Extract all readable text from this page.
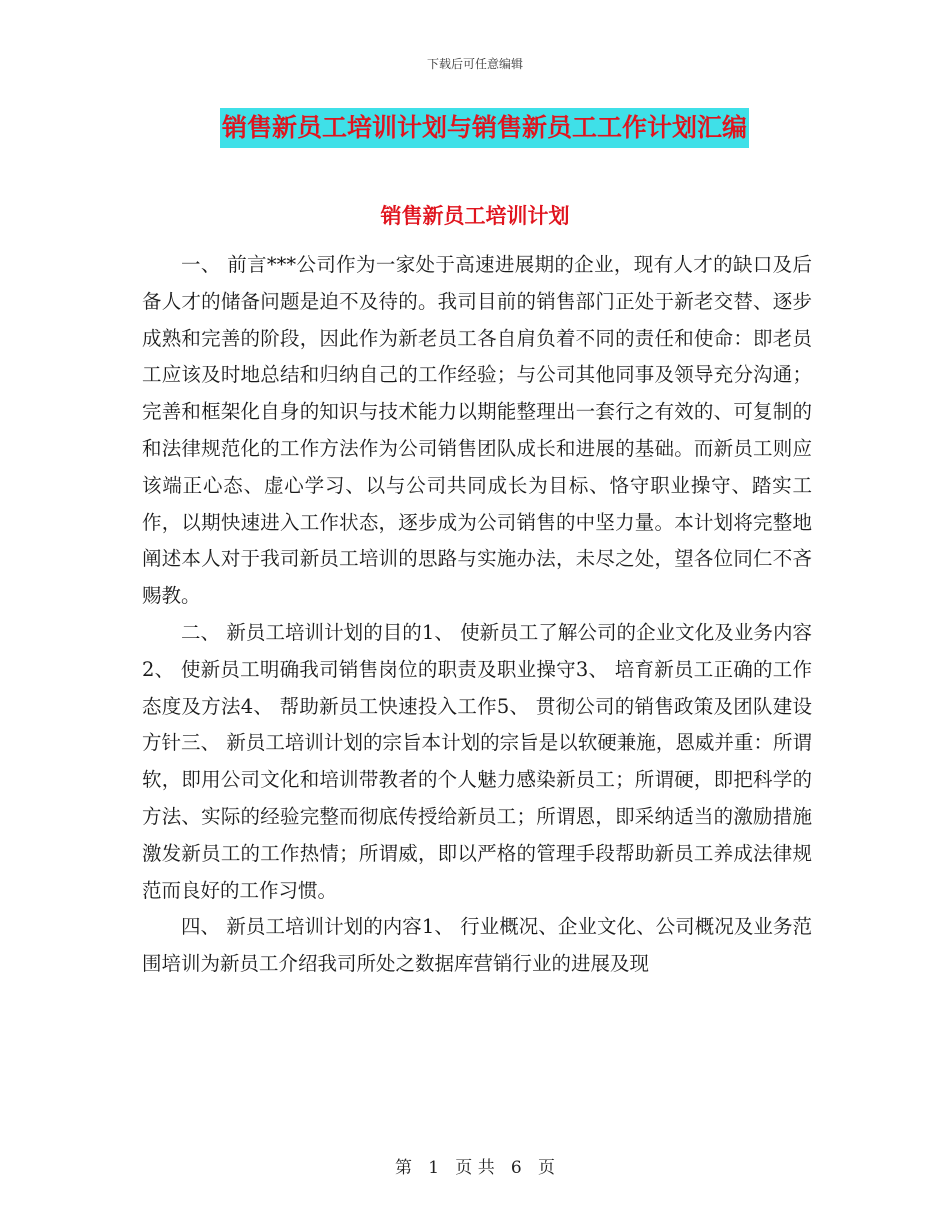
下载后可任意编辑
销售新员工培训计划与销售新员工工作计划汇编
销售新员工培训计划

一、 前言***公司作为一家处于高速进展期的企业，现有人才的缺口及后备人才的储备问题是迫不及待的。我司目前的销售部门正处于新老交替、逐步成熟和完善的阶段，因此作为新老员工各自肩负着不同的责任和使命：即老员工应该及时地总结和归纳自己的工作经验；与公司其他同事及领导充分沟通；完善和框架化自身的知识与技术能力以期能整理出一套行之有效的、可复制的和法律规范化的工作方法作为公司销售团队成长和进展的基础。而新员工则应该端正心态、虚心学习、以与公司共同成长为目标、恪守职业操守、踏实工作，以期快速进入工作状态，逐步成为公司销售的中坚力量。本计划将完整地阐述本人对于我司新员工培训的思路与实施办法，未尽之处，望各位同仁不吝赐教。

二、 新员工培训计划的目的1、 使新员工了解公司的企业文化及业务内容2、 使新员工明确我司销售岗位的职责及职业操守3、 培育新员工正确的工作态度及方法4、 帮助新员工快速投入工作5、 贯彻公司的销售政策及团队建设方针三、 新员工培训计划的宗旨本计划的宗旨是以软硬兼施，恩威并重：所谓软，即用公司文化和培训带教者的个人魅力感染新员工；所谓硬，即把科学的方法、实际的经验完整而彻底传授给新员工；所谓恩，即采纳适当的激励措施激发新员工的工作热情；所谓威，即以严格的管理手段帮助新员工养成法律规范而良好的工作习惯。

四、 新员工培训计划的内容1、 行业概况、企业文化、公司概况及业务范围培训为新员工介绍我司所处之数据库营销行业的进展及现

第 1 页 共 6 页
